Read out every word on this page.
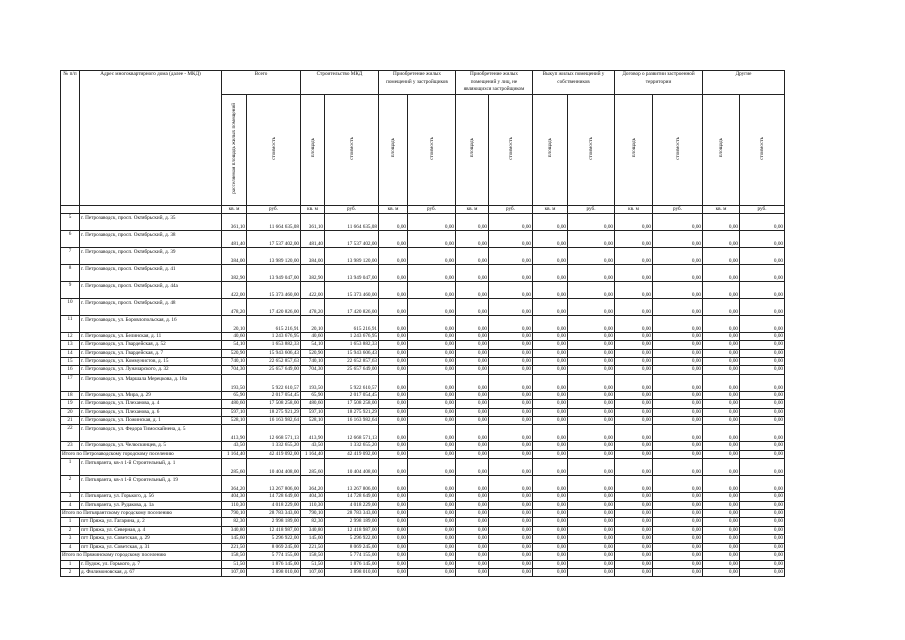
№ п/п	Адрес многоквартирного дома (далее - МКД)	Всего		Строительство МКД		Приобретение жилых помещений у застройщиков		Приобретение жилых помещений у лиц, не являющихся застройщиком		Выкуп жилых помещений у собственников		Договор о развитии застроенной территории		Другие	
		расселяемая площадь жилых помещений	стоимость	площадь	стоимость	площадь	стоимость	площадь	стоимость	площадь	стоимость	площадь	стоимость	площадь	стоимость
		кв. м	руб.	кв. м	руб.	кв. м	руб.	кв. м	руб.	кв. м	руб.	кв. м	руб.	кв. м	руб.
5	г. Петрозаводск, просп. Октябрьский, д. 35	361,10	11 664 635,08	361,10	11 664 635,08	0,00	0,00	0,00	0,00	0,00	0,00	0,00	0,00	0,00	0,00
6	г. Петрозаводск, просп. Октябрьский, д. 38	481,40	17 537 402,00	481,40	17 537 402,00	0,00	0,00	0,00	0,00	0,00	0,00	0,00	0,00	0,00	0,00
7	г. Петрозаводск, просп. Октябрьский, д. 39	384,00	13 989 120,00	384,00	13 989 120,00	0,00	0,00	0,00	0,00	0,00	0,00	0,00	0,00	0,00	0,00
8	г. Петрозаводск, просп. Октябрьский, д. 41	382,90	13 949 047,00	382,90	13 949 047,00	0,00	0,00	0,00	0,00	0,00	0,00	0,00	0,00	0,00	0,00
9	г. Петрозаводск, просп. Октябрьский, д. 44а	422,00	15 373 460,00	422,00	15 373 460,00	0,00	0,00	0,00	0,00	0,00	0,00	0,00	0,00	0,00	0,00
10	г. Петрозаводск, просп. Октябрьский, д. 48	478,20	17 420 826,00	478,20	17 420 826,00	0,00	0,00	0,00	0,00	0,00	0,00	0,00	0,00	0,00	0,00
11	г. Петрозаводск, ул. Боровлопольская, д. 16	20,10	615 216,91	20,10	615 216,91	0,00	0,00	0,00	0,00	0,00	0,00	0,00	0,00	0,00	0,00
12	г. Петрозаводск, ул. Белинская, д. 11	40,60	1 243 676,95	40,60	1 243 676,95	0,00	0,00	0,00	0,00	0,00	0,00	0,00	0,00	0,00	0,00
13	г. Петрозаводск, ул. Гвардейская, д. 52	54,10	1 653 882,33	54,10	1 653 882,33	0,00	0,00	0,00	0,00	0,00	0,00	0,00	0,00	0,00	0,00
14	г. Петрозаводск, ул. Гвардейская, д. 7	520,90	15 943 606,43	520,90	15 943 606,43	0,00	0,00	0,00	0,00	0,00	0,00	0,00	0,00	0,00	0,00
15	г. Петрозаводск, ул. Коммунистов, д. 15	740,10	22 652 857,63	740,10	22 652 857,63	0,00	0,00	0,00	0,00	0,00	0,00	0,00	0,00	0,00	0,00
16	г. Петрозаводск, ул. Луначарского, д. 32	704,30	25 657 649,00	704,30	25 657 649,00	0,00	0,00	0,00	0,00	0,00	0,00	0,00	0,00	0,00	0,00
17	г. Петрозаводск, ул. Маршала Мерецкова, д. 18а	193,50	5 922 610,57	193,50	5 922 610,57	0,00	0,00	0,00	0,00	0,00	0,00	0,00	0,00	0,00	0,00
18	г. Петрозаводск, ул. Мира, д. 29	65,90	2 017 054,45	65,90	2 017 054,45	0,00	0,00	0,00	0,00	0,00	0,00	0,00	0,00	0,00	0,00
19	г. Петрозаводск, ул. Плеханова, д. 4	480,60	17 508 258,00	480,60	17 508 258,00	0,00	0,00	0,00	0,00	0,00	0,00	0,00	0,00	0,00	0,00
20	г. Петрозаводск, ул. Плеханова, д. 6	597,10	18 275 921,29	597,10	18 275 921,29	0,00	0,00	0,00	0,00	0,00	0,00	0,00	0,00	0,00	0,00
21	г. Петрозаводск, ул. Пожинская, д. 1	528,10	16 163 982,64	528,10	16 163 982,64	0,00	0,00	0,00	0,00	0,00	0,00	0,00	0,00	0,00	0,00
22	г. Петрозаводск, ул. Федора Тимоскайнена, д. 5	413,90	12 668 571,13	413,90	12 668 571,13	0,00	0,00	0,00	0,00	0,00	0,00	0,00	0,00	0,00	0,00
23	г. Петрозаводск, ул. Челюскинцев, д. 5	43,50	1 332 655,20	43,50	1 332 655,20	0,00	0,00	0,00	0,00	0,00	0,00	0,00	0,00	0,00	0,00
Итого по Петрозаводскому городскому поселению		1 164,40	42 419 092,00	1 164,40	42 419 092,00	0,00	0,00	0,00	0,00	0,00	0,00	0,00	0,00	0,00	0,00
1	г. Питкяранта, кв-л 1-й Строительный, д. 1	285,60	10 404 408,00	285,60	10 404 408,00	0,00	0,00	0,00	0,00	0,00	0,00	0,00	0,00	0,00	0,00
2	г. Питкяранта, кв-л 1-й Строительный, д. 19	364,20	13 267 806,00	364,20	13 267 806,00	0,00	0,00	0,00	0,00	0,00	0,00	0,00	0,00	0,00	0,00
3	г. Питкяранта, ул. Горького, д. 56	404,30	14 728 649,00	404,30	14 728 649,00	0,00	0,00	0,00	0,00	0,00	0,00	0,00	0,00	0,00	0,00
4	г. Питкяранта, ул. Рудакова, д. 1а	110,30	4 018 229,00	110,30	4 018 229,00	0,00	0,00	0,00	0,00	0,00	0,00	0,00	0,00	0,00	0,00
Итого по Питкярантскому городскому поселению		790,10	28 783 343,00	790,10	28 783 343,00	0,00	0,00	0,00	0,00	0,00	0,00	0,00	0,00	0,00	0,00
1	пгт Пряжа, ул. Гагарина, д. 2	82,30	2 998 189,00	82,30	2 998 189,00	0,00	0,00	0,00	0,00	0,00	0,00	0,00	0,00	0,00	0,00
2	пгт Пряжа, ул. Северная, д. 4	340,80	12 418 987,00	340,80	12 418 987,00	0,00	0,00	0,00	0,00	0,00	0,00	0,00	0,00	0,00	0,00
3	пгт Пряжа, ул. Советская, д. 29	145,60	5 296 922,00	145,60	5 296 922,00	0,00	0,00	0,00	0,00	0,00	0,00	0,00	0,00	0,00	0,00
4	пгт Пряжа, ул. Советская, д. 31	221,50	8 069 245,00	221,50	8 069 245,00	0,00	0,00	0,00	0,00	0,00	0,00	0,00	0,00	0,00	0,00
Итого по Пряжинскому городскому поселению		158,50	5 774 155,00	158,50	5 774 155,00	0,00	0,00	0,00	0,00	0,00	0,00	0,00	0,00	0,00	0,00
1	г. Пудож, ул. Горького, д. 7	51,50	1 876 145,00	51,50	1 876 145,00	0,00	0,00	0,00	0,00	0,00	0,00	0,00	0,00	0,00	0,00
2	д. Филимоновская, д. 67	107,00	3 898 010,00	107,00	3 898 010,00	0,00	0,00	0,00	0,00	0,00	0,00	0,00	0,00	0,00	0,00
